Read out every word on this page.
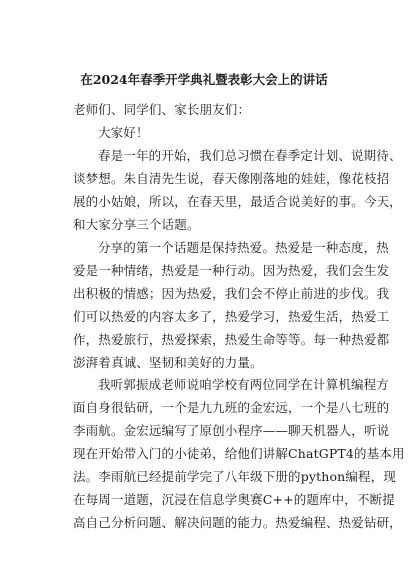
在2024年春季开学典礼暨表彰大会上的讲话
老师们、同学们、家长朋友们：
大家好！
春是一年的开始，我们总习惯在春季定计划、说期待、
谈梦想。朱自清先生说，春天像刚落地的娃娃，像花枝招
展的小姑娘，所以，在春天里，最适合说美好的事。今天，
和大家分享三个话题。
分享的第一个话题是保持热爱。热爱是一种态度，热
爱是一种情绪，热爱是一种行动。因为热爱，我们会生发
出积极的情感；因为热爱，我们会不停止前进的步伐。我
们可以热爱的内容太多了，热爱学习，热爱生活，热爱工
作，热爱旅行，热爱探索，热爱生命等等。每一种热爱都
澎湃着真诚、坚韧和美好的力量。
我听郭振成老师说咱学校有两位同学在计算机编程方
面自身很钻研，一个是九九班的金宏远，一个是八七班的
李雨航。金宏远编写了原创小程序——聊天机器人，听说
现在开始带入门的小徒弟，给他们讲解ChatGPT4的基本用
法。李雨航已经提前学完了八年级下册的python编程，现
在每周一道题，沉浸在信息学奥赛C++的题库中，不断提
高自己分析问题、解决问题的能力。热爱编程、热爱钻研，
